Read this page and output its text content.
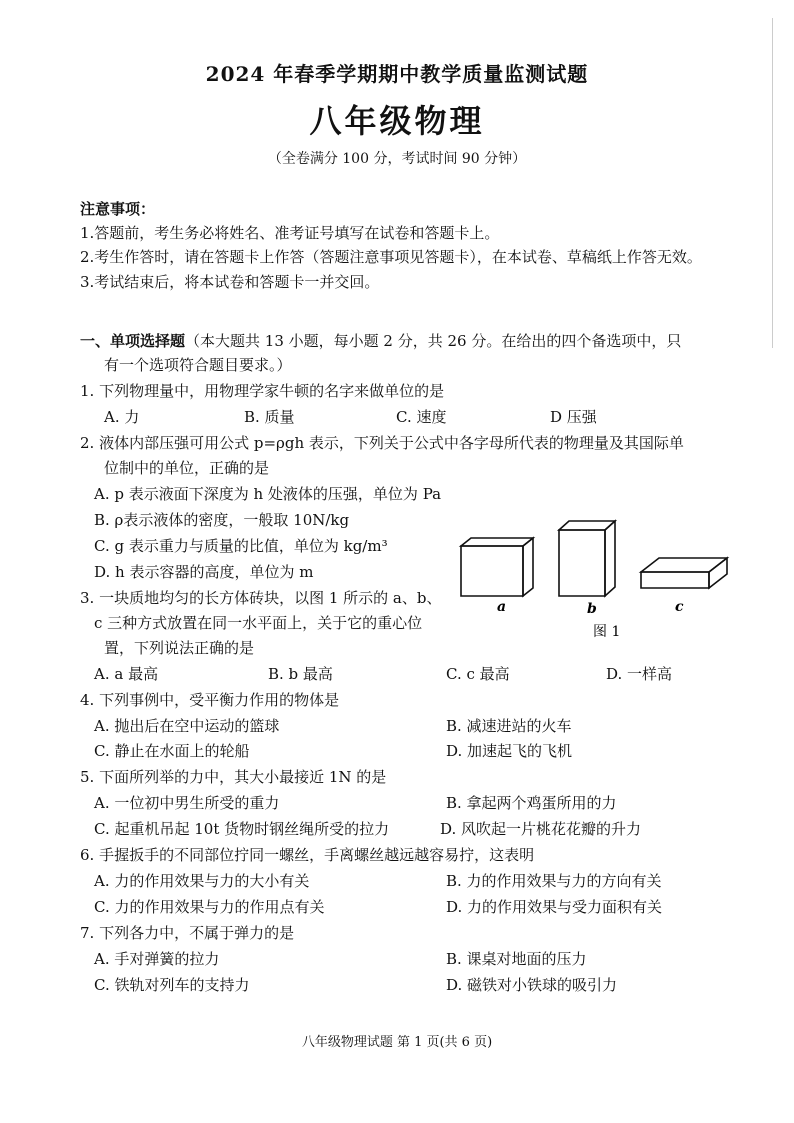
2024 年春季学期期中教学质量监测试题
八年级物理
（全卷满分 100 分，考试时间 90 分钟）
注意事项：
1.答题前，考生务必将姓名、准考证号填写在试卷和答题卡上。
2.考生作答时，请在答题卡上作答（答题注意事项见答题卡），在本试卷、草稿纸上作答无效。
3.考试结束后，将本试卷和答题卡一并交回。
一、单项选择题（本大题共 13 小题，每小题 2 分，共 26 分。在给出的四个备选项中，只
有一个选项符合题目要求。）
1. 下列物理量中，用物理学家牛顿的名字来做单位的是
A. 力	B. 质量	C. 速度	D 压强
2. 液体内部压强可用公式 p=ρgh 表示，下列关于公式中各字母所代表的物理量及其国际单
位制中的单位，正确的是
A. p 表示液面下深度为 h 处液体的压强，单位为 Pa
B. ρ表示液体的密度，一般取 10N/kg
C. g 表示重力与质量的比值，单位为 kg/m³
D. h 表示容器的高度，单位为 m
a	b	c
图 1
3. 一块质地均匀的长方体砖块，以图 1 所示的 a、b、
c 三种方式放置在同一水平面上，关于它的重心位
置，下列说法正确的是
A. a 最高	B. b 最高	C. c 最高	D. 一样高
4. 下列事例中，受平衡力作用的物体是
A. 抛出后在空中运动的篮球	B. 减速进站的火车
C. 静止在水面上的轮船	D. 加速起飞的飞机
5. 下面所列举的力中，其大小最接近 1N 的是
A. 一位初中男生所受的重力	B. 拿起两个鸡蛋所用的力
C. 起重机吊起 10t 货物时钢丝绳所受的拉力	D. 风吹起一片桃花花瓣的升力
6. 手握扳手的不同部位拧同一螺丝，手离螺丝越远越容易拧，这表明
A. 力的作用效果与力的大小有关	B. 力的作用效果与力的方向有关
C. 力的作用效果与力的作用点有关	D. 力的作用效果与受力面积有关
7. 下列各力中，不属于弹力的是
A. 手对弹簧的拉力	B. 课桌对地面的压力
C. 铁轨对列车的支持力	D. 磁铁对小铁球的吸引力
八年级物理试题 第 1 页(共 6 页)
